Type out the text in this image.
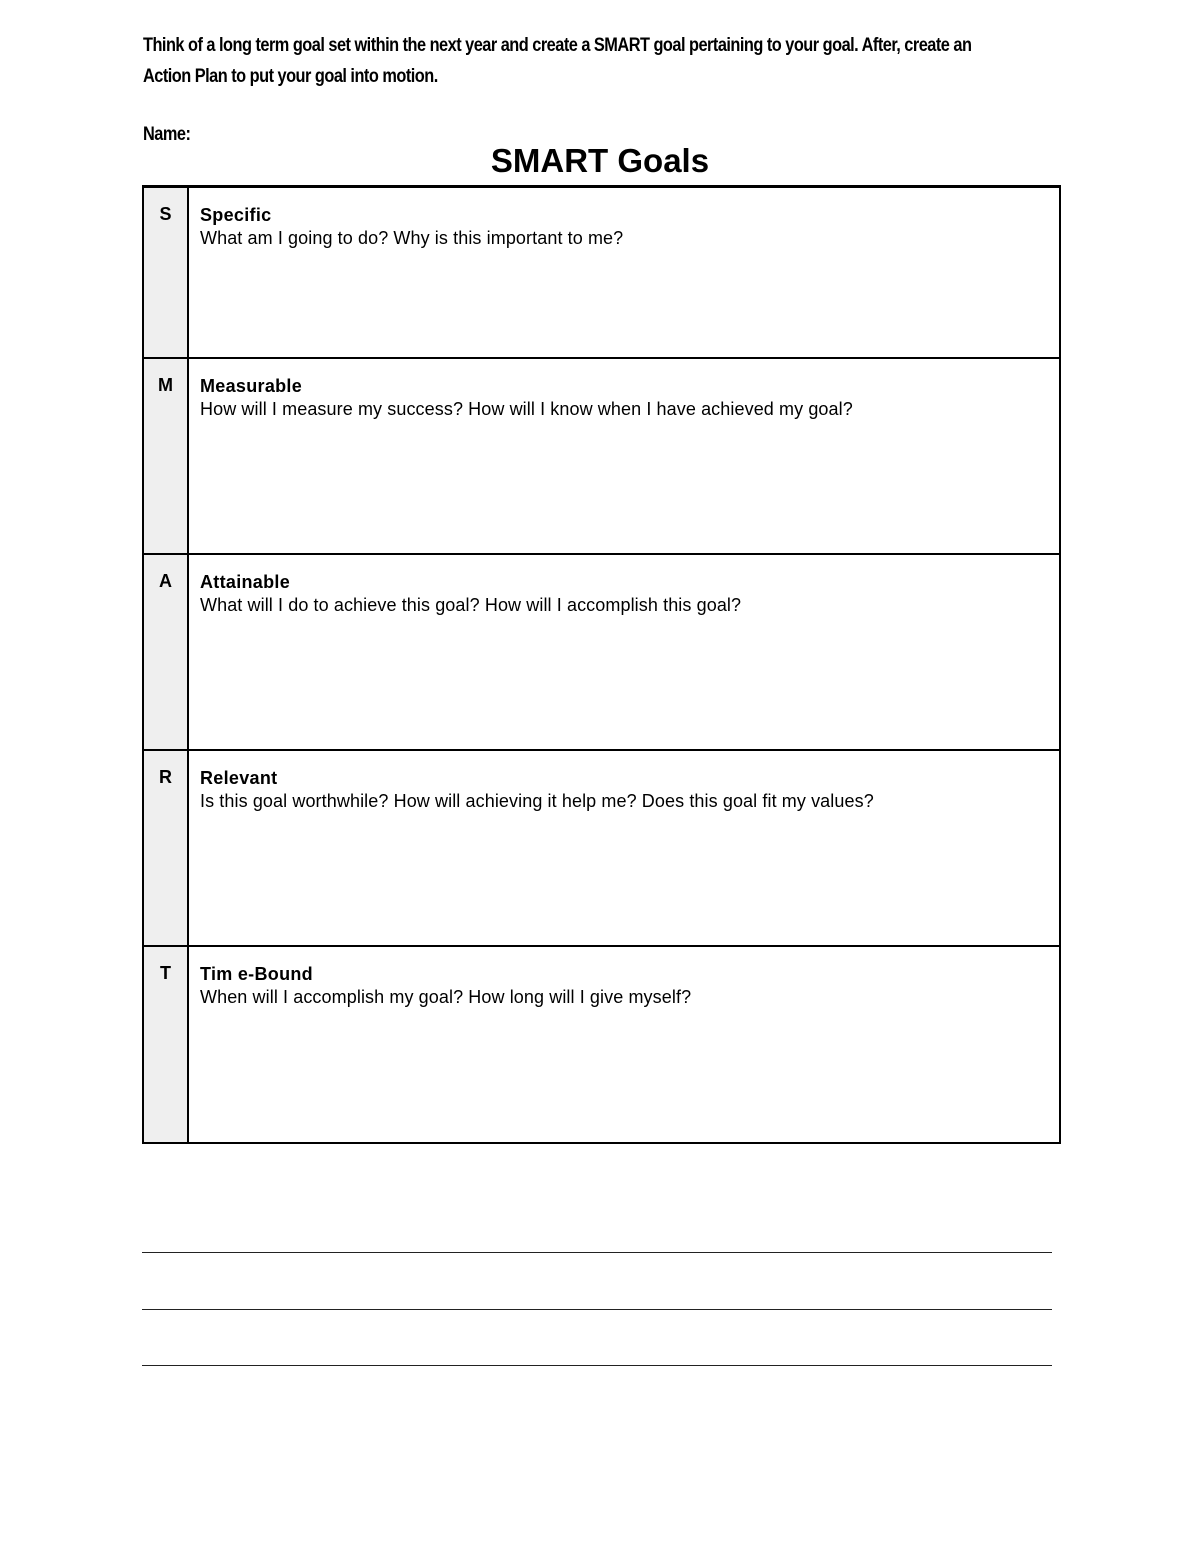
Think of a long term goal set within the next year and create a SMART goal pertaining to your goal. After, create an
Action Plan to put your goal into motion.
Name:
SMART Goals
S	Specific
What am I going to do? Why is this important to me?
M	Measurable
How will I measure my success? How will I know when I have achieved my goal?
A	Attainable
What will I do to achieve this goal? How will I accomplish this goal?
R	Relevant
Is this goal worthwhile? How will achieving it help me? Does this goal fit my values?
T	Tim e-Bound
When will I accomplish my goal? How long will I give myself?
